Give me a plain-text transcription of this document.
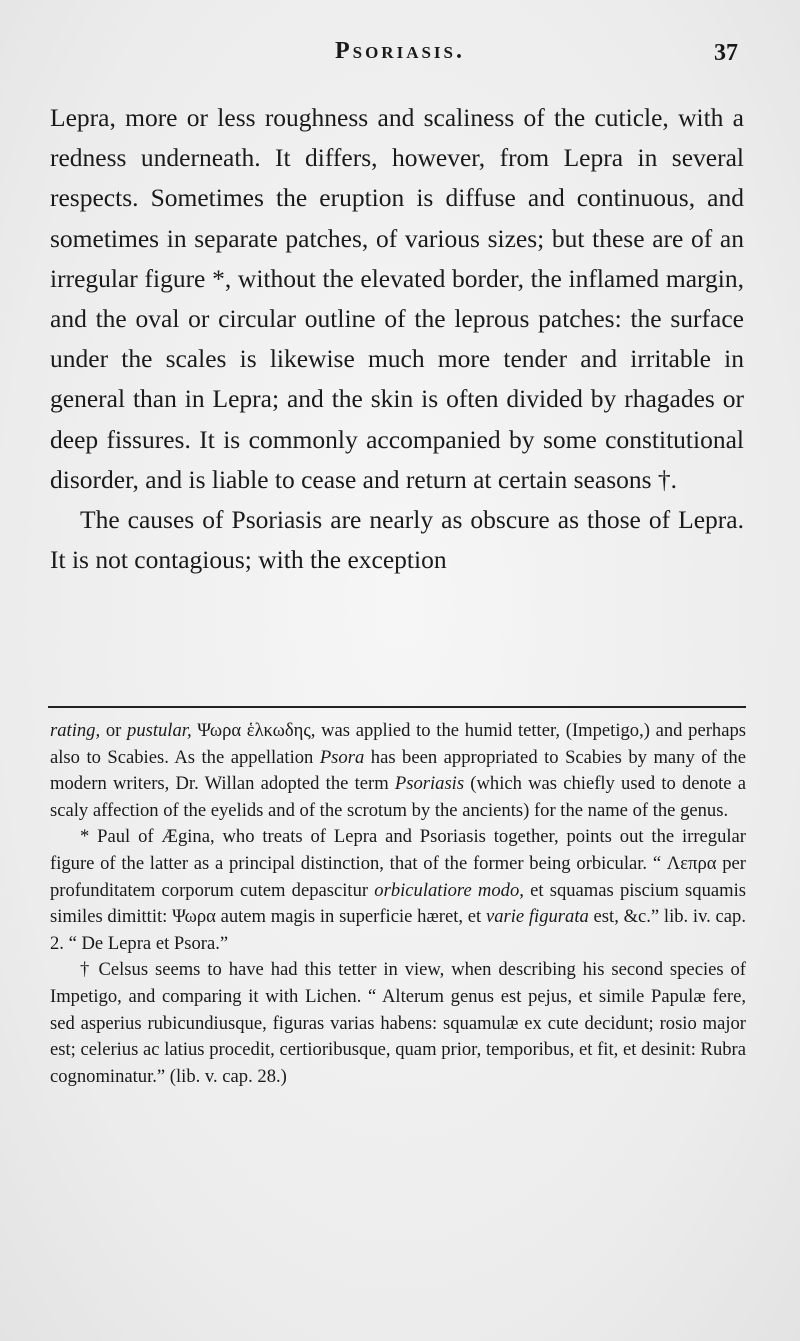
Psoriasis.	37

Lepra, more or less roughness and scaliness of the cuticle, with a redness underneath. It differs, however, from Lepra in several respects. Sometimes the eruption is diffuse and continuous, and sometimes in separate patches, of various sizes; but these are of an irregular figure *, without the elevated border, the inflamed margin, and the oval or circular outline of the leprous patches: the surface under the scales is likewise much more tender and irritable in general than in Lepra; and the skin is often divided by rhagades or deep fissures. It is commonly accompanied by some constitutional disorder, and is liable to cease and return at certain seasons †.

The causes of Psoriasis are nearly as obscure as those of Lepra. It is not contagious; with the exception

rating, or pustular, Ψωρα ἑλκωδης, was applied to the humid tetter, (Impetigo,) and perhaps also to Scabies. As the appellation Psora has been appropriated to Scabies by many of the modern writers, Dr. Willan adopted the term Psoriasis (which was chiefly used to denote a scaly affection of the eyelids and of the scrotum by the ancients) for the name of the genus.

* Paul of Ægina, who treats of Lepra and Psoriasis together, points out the irregular figure of the latter as a principal distinction, that of the former being orbicular. “ Λεπρα per profunditatem corporum cutem depascitur orbiculatiore modo, et squamas piscium squamis similes dimittit: Ψωρα autem magis in superficie hæret, et varie figurata est, &c.” lib. iv. cap. 2. “ De Lepra et Psora.”

† Celsus seems to have had this tetter in view, when describing his second species of Impetigo, and comparing it with Lichen. “ Alterum genus est pejus, et simile Papulæ fere, sed asperius rubicundiusque, figuras varias habens: squamulæ ex cute decidunt; rosio major est; celerius ac latius procedit, certioribusque, quam prior, temporibus, et fit, et desinit: Rubra cognominatur.” (lib. v. cap. 28.)
